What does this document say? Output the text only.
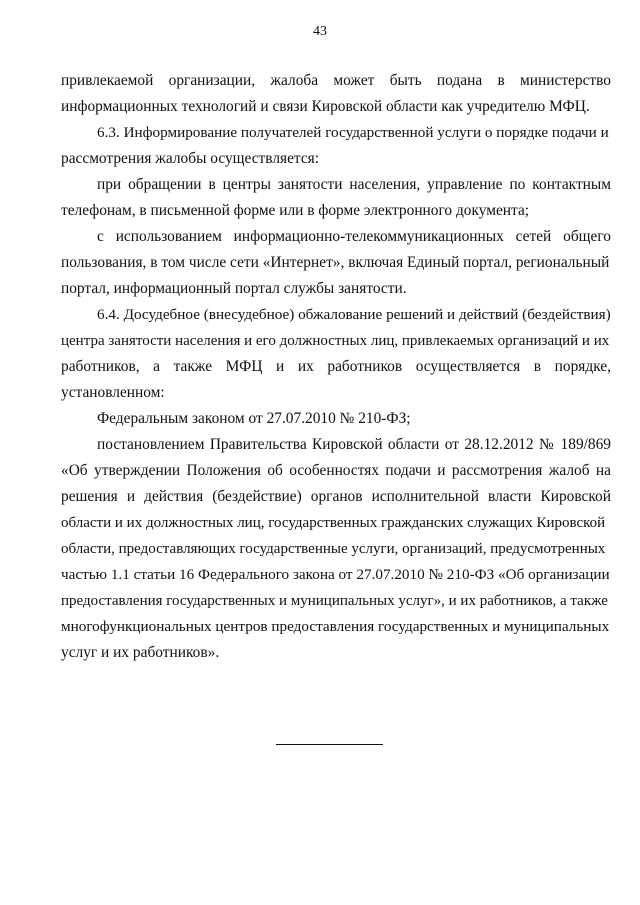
43
привлекаемой организации, жалоба может быть подана в министерство
информационных технологий и связи Кировской области как учредителю МФЦ.
6.3. Информирование получателей государственной услуги о порядке подачи и
рассмотрения жалобы осуществляется:
при обращении в центры занятости населения, управление по контактным
телефонам, в письменной форме или в форме электронного документа;
с использованием информационно-телекоммуникационных сетей общего
пользования, в том числе сети «Интернет», включая Единый портал, региональный
портал, информационный портал службы занятости.
6.4. Досудебное (внесудебное) обжалование решений и действий (бездействия)
центра занятости населения и его должностных лиц, привлекаемых организаций и их
работников, а также МФЦ и их работников осуществляется в порядке,
установленном:
Федеральным законом от 27.07.2010 № 210-ФЗ;
постановлением Правительства Кировской области от 28.12.2012 № 189/869
«Об утверждении Положения об особенностях подачи и рассмотрения жалоб на
решения и действия (бездействие) органов исполнительной власти Кировской
области и их должностных лиц, государственных гражданских служащих Кировской
области, предоставляющих государственные услуги, организаций, предусмотренных
частью 1.1 статьи 16 Федерального закона от 27.07.2010 № 210-ФЗ «Об организации
предоставления государственных и муниципальных услуг», и их работников, а также
многофункциональных центров предоставления государственных и муниципальных
услуг и их работников».
